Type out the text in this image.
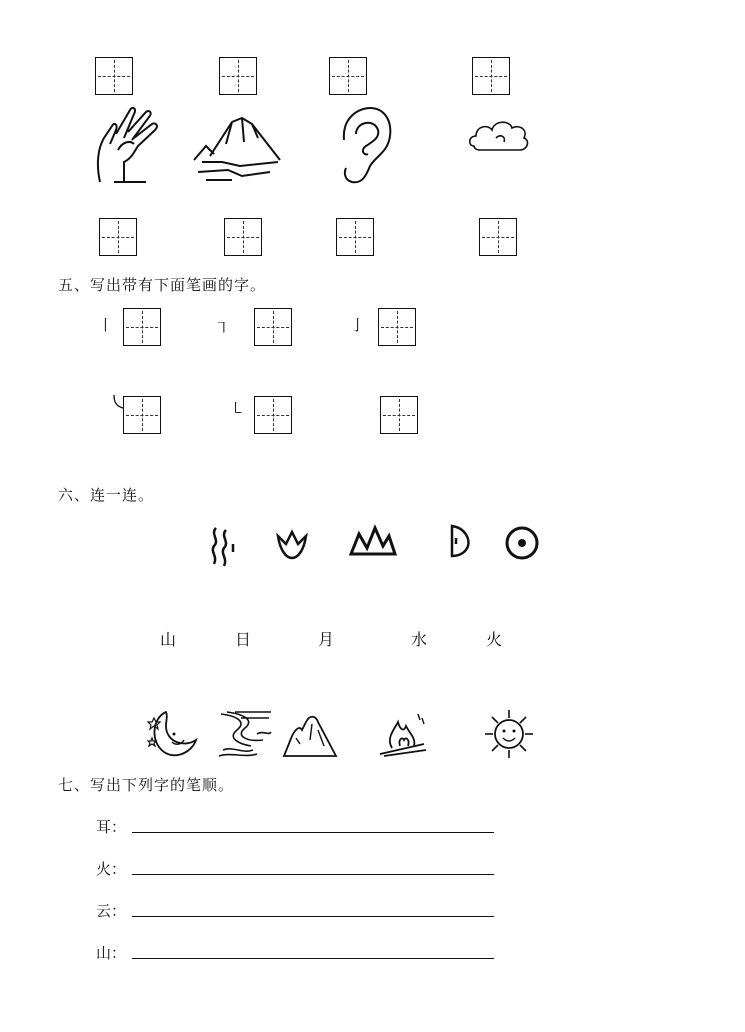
五、写出带有下面笔画的字。
丨	㇕	亅
㇄
六、连一连。
山	日	月	水	火
七、写出下列字的笔顺。
耳：
火：
云：
山：
